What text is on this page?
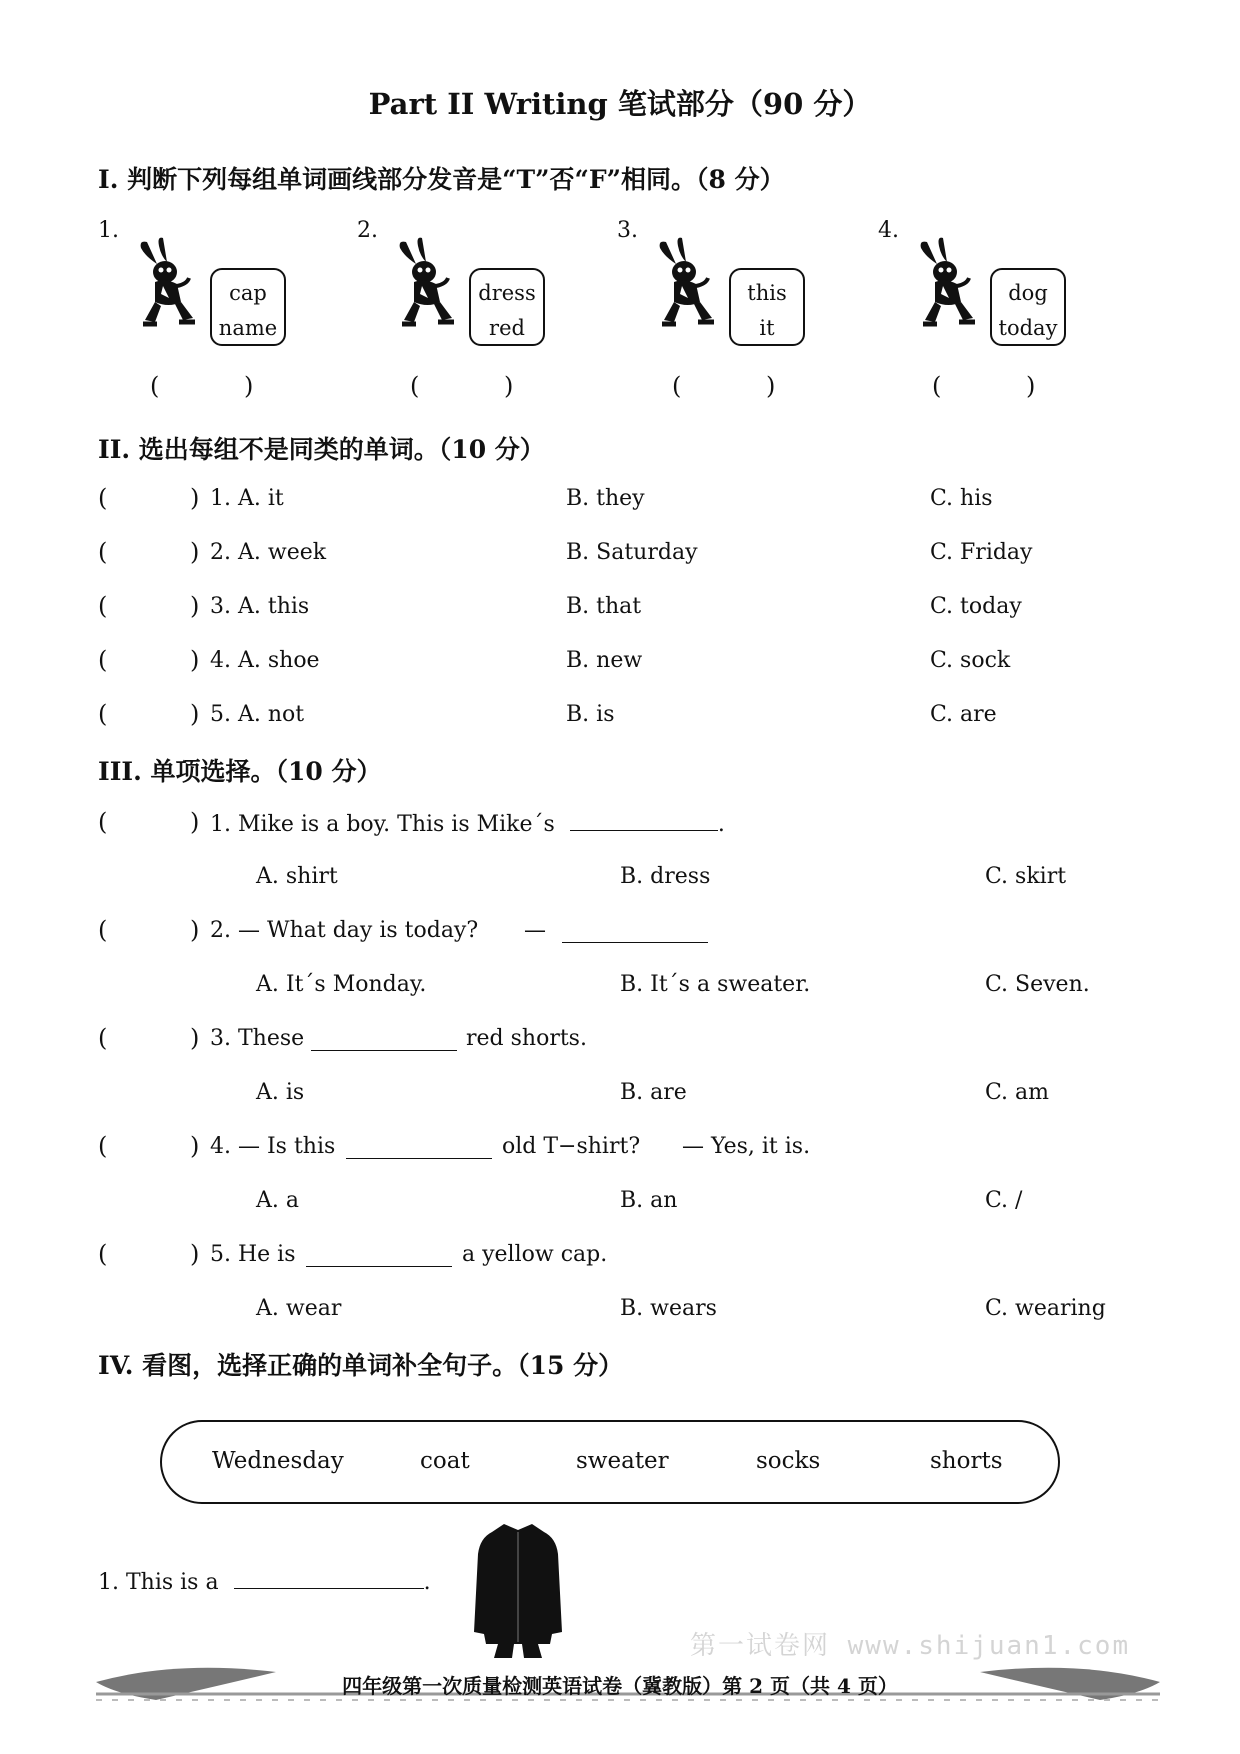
Part II Writing 笔试部分（90 分）
I. 判断下列每组单词画线部分发音是“T”否“F”相同。（8 分）
1.
cap
name
(	)
2.
dress
red
(	)
3.
this
it
(	)
4.
dog
today
(	)
II. 选出每组不是同类的单词。（10 分）
(	) 1. A. it	B. they	C. his
(	) 2. A. week	B. Saturday	C. Friday
(	) 3. A. this	B. that	C. today
(	) 4. A. shoe	B. new	C. sock
(	) 5. A. not	B. is	C. are
III. 单项选择。（10 分）
(	) 1. Mike is a boy. This is Mike´s	.
A. shirt	B. dress	C. skirt
(	) 2. — What day is today? —
A. It´s Monday.	B. It´s a sweater.	C. Seven.
(	) 3. These	red shorts.
A. is	B. are	C. am
(	) 4. — Is this	old T−shirt? — Yes, it is.
A. a	B. an	C. /
(	) 5. He is	a yellow cap.
A. wear	B. wears	C. wearing
IV. 看图，选择正确的单词补全句子。（15 分）
Wednesday	coat	sweater	socks	shorts
1. This is a	.
第一试卷网 www.shijuan1.com
四年级第一次质量检测英语试卷（冀教版）第 2 页（共 4 页）
